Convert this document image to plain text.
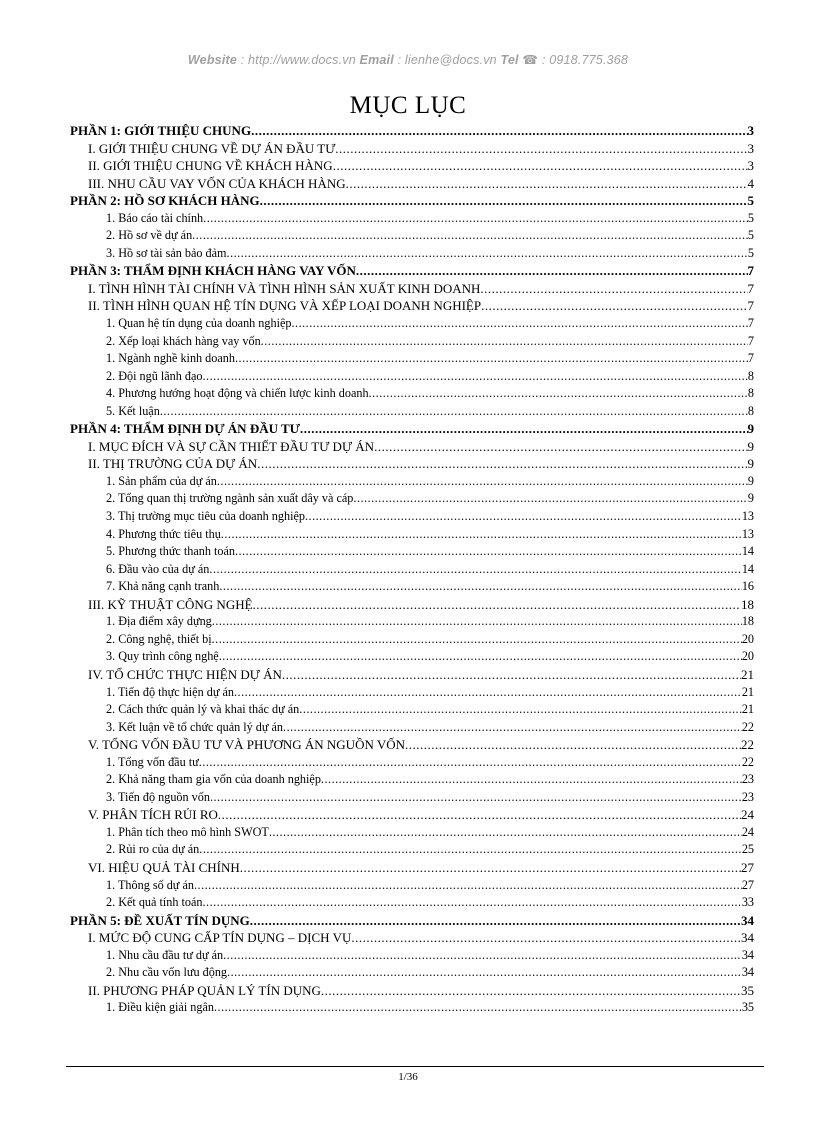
Website : http://www.docs.vn Email : lienhe@docs.vn Tel ☎ : 0918.775.368
MỤC LỤC
PHẦN 1: GIỚI THIỆU CHUNG .....	3
I. GIỚI THIỆU CHUNG VỀ DỰ ÁN ĐẦU TƯ .....	3
II. GIỚI THIỆU CHUNG VỀ KHÁCH HÀNG .....	3
III. NHU CẦU VAY VỐN CỦA KHÁCH HÀNG .....	4
PHẦN 2: HỒ SƠ KHÁCH HÀNG .....	5
1. Báo cáo tài chính .....	5
2. Hồ sơ về dự án .....	5
3. Hồ sơ tài sản bảo đảm .....	5
PHẦN 3: THẨM ĐỊNH KHÁCH HÀNG VAY VỐN .....	7
I. TÌNH HÌNH TÀI CHÍNH VÀ TÌNH HÌNH SẢN XUẤT KINH DOANH .....	7
II. TÌNH HÌNH QUAN HỆ TÍN DỤNG VÀ XẾP LOẠI DOANH NGHIỆP .....	7
1. Quan hệ tín dụng của doanh nghiệp .....	7
2. Xếp loại khách hàng vay vốn .....	7
1. Ngành nghề kinh doanh .....	7
2. Đội ngũ lãnh đạo .....	8
4. Phương hướng hoạt động và chiến lược kinh doanh .....	8
5. Kết luận .....	8
PHẦN 4: THẨM ĐỊNH DỰ ÁN ĐẦU TƯ .....	9
I. MỤC ĐÍCH VÀ SỰ CẦN THIẾT ĐẦU TƯ DỰ ÁN .....	9
II. THỊ TRƯỜNG CỦA DỰ ÁN .....	9
1. Sản phẩm của dự án .....	9
2. Tổng quan thị trường ngành sản xuất dây và cáp .....	9
3. Thị trường mục tiêu của doanh nghiệp .....	13
4. Phương thức tiêu thụ .....	13
5. Phương thức thanh toán .....	14
6. Đầu vào của dự án .....	14
7. Khả năng cạnh tranh .....	16
III. KỸ THUẬT CÔNG NGHỆ .....	18
1. Địa điểm xây dựng .....	18
2. Công nghệ, thiết bị .....	20
3. Quy trình công nghệ .....	20
IV. TỔ CHỨC THỰC HIỆN DỰ ÁN .....	21
1. Tiến độ thực hiện dự án .....	21
2. Cách thức quản lý và khai thác dự án .....	21
3. Kết luận về tổ chức quản lý dự án .....	22
V. TỔNG VỐN ĐẦU TƯ VÀ PHƯƠNG ÁN NGUỒN VỐN .....	22
1. Tổng vốn đầu tư .....	22
2. Khả năng tham gia vốn của doanh nghiệp .....	23
3. Tiến độ nguồn vốn .....	23
V. PHÂN TÍCH RỦI RO .....	24
1. Phân tích theo mô hình SWOT .....	24
2. Rủi ro của dự án .....	25
VI. HIỆU QUẢ TÀI CHÍNH .....	27
1. Thông số dự án .....	27
2. Kết quả tính toán .....	33
PHẦN 5: ĐỀ XUẤT TÍN DỤNG .....	34
I. MỨC ĐỘ CUNG CẤP TÍN DỤNG – DỊCH VỤ .....	34
1. Nhu cầu đầu tư dự án .....	34
2. Nhu cầu vốn lưu động .....	34
II. PHƯƠNG PHÁP QUẢN LÝ TÍN DỤNG .....	35
1. Điều kiện giải ngân .....	35
1/36
